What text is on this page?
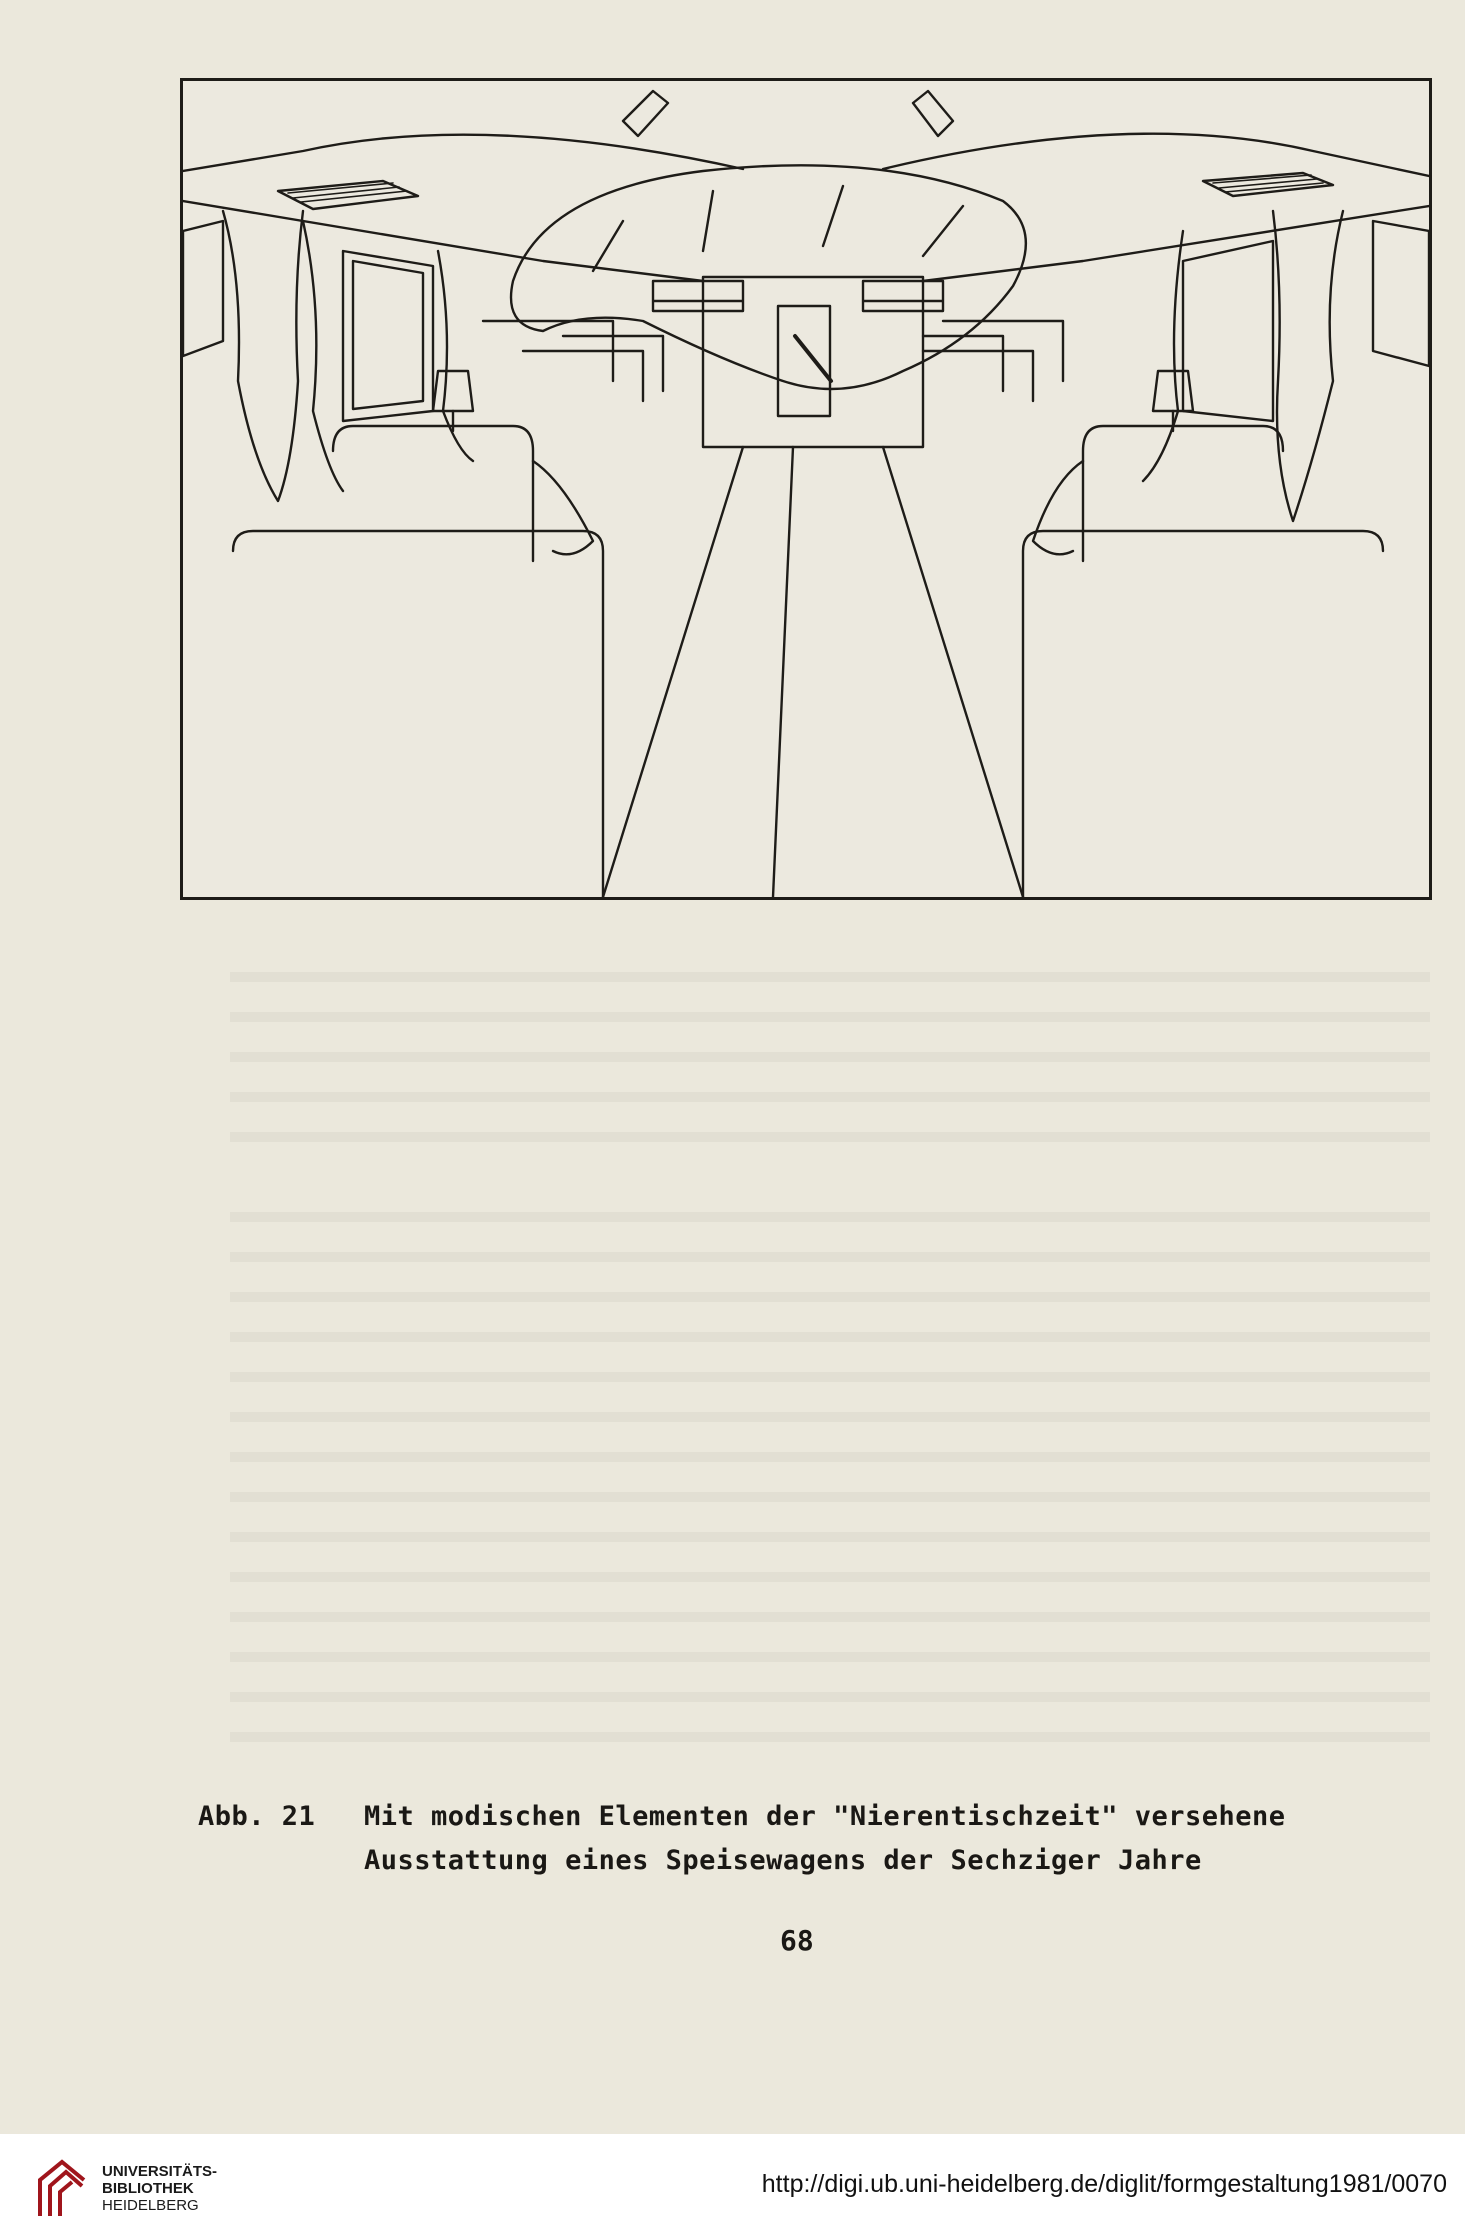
Abb. 21	Mit modischen Elementen der "Nierentischzeit" versehene
Ausstattung eines Speisewagens der Sechziger Jahre
68
UNIVERSITÄTS-
BIBLIOTHEK
HEIDELBERG
http://digi.ub.uni-heidelberg.de/diglit/formgestaltung1981/0070
